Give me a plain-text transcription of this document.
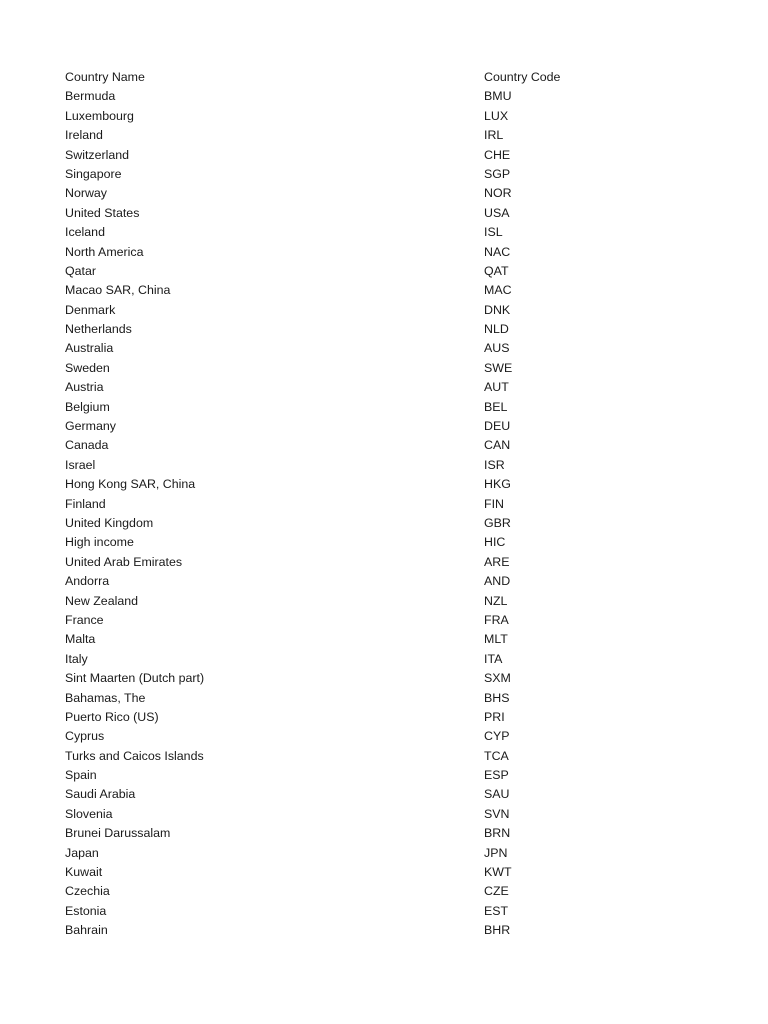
Country Name	Country Code
Bermuda	BMU
Luxembourg	LUX
Ireland	IRL
Switzerland	CHE
Singapore	SGP
Norway	NOR
United States	USA
Iceland	ISL
North America	NAC
Qatar	QAT
Macao SAR, China	MAC
Denmark	DNK
Netherlands	NLD
Australia	AUS
Sweden	SWE
Austria	AUT
Belgium	BEL
Germany	DEU
Canada	CAN
Israel	ISR
Hong Kong SAR, China	HKG
Finland	FIN
United Kingdom	GBR
High income	HIC
United Arab Emirates	ARE
Andorra	AND
New Zealand	NZL
France	FRA
Malta	MLT
Italy	ITA
Sint Maarten (Dutch part)	SXM
Bahamas, The	BHS
Puerto Rico (US)	PRI
Cyprus	CYP
Turks and Caicos Islands	TCA
Spain	ESP
Saudi Arabia	SAU
Slovenia	SVN
Brunei Darussalam	BRN
Japan	JPN
Kuwait	KWT
Czechia	CZE
Estonia	EST
Bahrain	BHR
